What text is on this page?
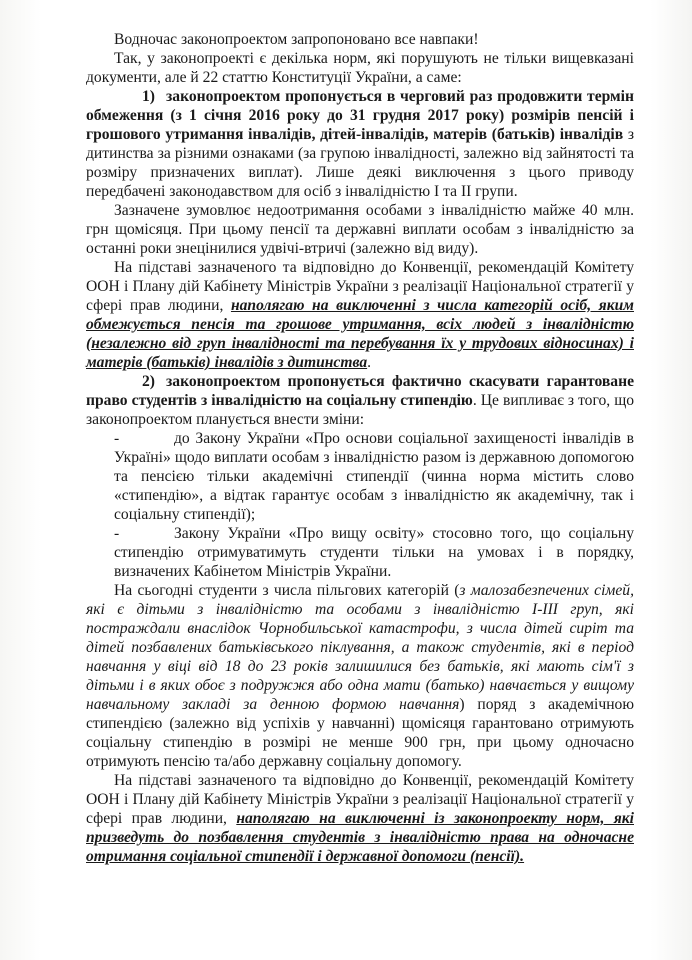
Водночас законопроектом запропоновано все навпаки!

Так, у законопроекті є декілька норм, які порушують не тільки вищевказані документи, але й 22 статтю Конституції України, а саме:

1) законопроектом пропонується в черговий раз продовжити термін обмеження (з 1 січня 2016 року до 31 грудня 2017 року) розмірів пенсій і грошового утримання інвалідів, дітей-інвалідів, матерів (батьків) інвалідів з дитинства за різними ознаками (за групою інвалідності, залежно від зайнятості та розміру призначених виплат). Лише деякі виключення з цього приводу передбачені законодавством для осіб з інвалідністю І та ІІ групи.

Зазначене зумовлює недоотримання особами з інвалідністю майже 40 млн. грн щомісяця. При цьому пенсії та державні виплати особам з інвалідністю за останні роки знецінилися удвічі-втричі (залежно від виду).

На підставі зазначеного та відповідно до Конвенції, рекомендацій Комітету ООН і Плану дій Кабінету Міністрів України з реалізації Національної стратегії у сфері прав людини, наполягаю на виключенні з числа категорій осіб, яким обмежується пенсія та грошове утримання, всіх людей з інвалідністю (незалежно від груп інвалідності та перебування їх у трудових відносинах) і матерів (батьків) інвалідів з дитинства.

2) законопроектом пропонується фактично скасувати гарантоване право студентів з інвалідністю на соціальну стипендію. Це випливає з того, що законопроектом планується внести зміни:

-	до Закону України «Про основи соціальної захищеності інвалідів в Україні» щодо виплати особам з інвалідністю разом із державною допомогою та пенсією тільки академічні стипендії (чинна норма містить слово «стипендію», а відтак гарантує особам з інвалідністю як академічну, так і соціальну стипендії);

-	Закону України «Про вищу освіту» стосовно того, що соціальну стипендію отримуватимуть студенти тільки на умовах і в порядку, визначених Кабінетом Міністрів України.

На сьогодні студенти з числа пільгових категорій (з малозабезпечених сімей, які є дітьми з інвалідністю та особами з інвалідністю І-ІІІ груп, які постраждали внаслідок Чорнобильської катастрофи, з числа дітей сиріт та дітей позбавлених батьківського піклування, а також студентів, які в період навчання у віці від 18 до 23 років залишилися без батьків, які мають сім'ї з дітьми і в яких обоє з подружжя або одна мати (батько) навчається у вищому навчальному закладі за денною формою навчання) поряд з академічною стипендією (залежно від успіхів у навчанні) щомісяця гарантовано отримують соціальну стипендію в розмірі не менше 900 грн, при цьому одночасно отримують пенсію та/або державну соціальну допомогу.

На підставі зазначеного та відповідно до Конвенції, рекомендацій Комітету ООН і Плану дій Кабінету Міністрів України з реалізації Національної стратегії у сфері прав людини, наполягаю на виключенні із законопроекту норм, які призведуть до позбавлення студентів з інвалідністю права на одночасне отримання соціальної стипендії і державної допомоги (пенсії).
